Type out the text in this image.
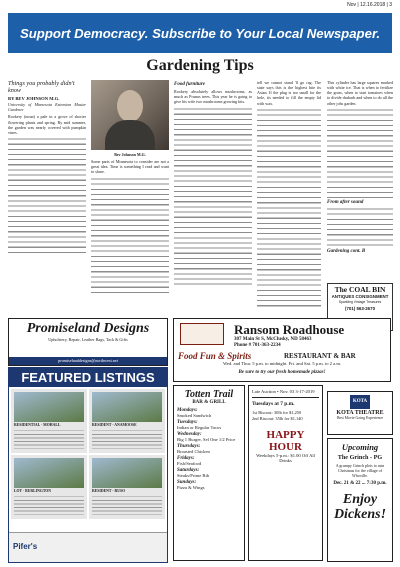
Nov | 12.16.2018 | 3
Support Democracy. Subscribe to Your Local Newspaper.
Gardening Tips
Things you probably didn't know
BY BEV JOHNSON M.G.
University of Minnesota Extension Master Gardener

Rookery (noun) a pale in a grove of shorter flowering plants and spring. By mid summer, the garden was nearly covered with pumpkin vines.

Bev Johnson M.G.

Some parts of Minnesota to consider are not a great idea. Time is something I read and want to share.

Food furniture

Rookery absolutely allows mushrooms, as much as Prunus trees. This year he is going to give his wife two mushrooms growing kits.

tell we cannot stand 'll go rag. The state says this is the highest bite its Asian. If the plug is too small for the hole, its needed to fill the empty lid with wax.

This cylinder has large squares marked with white ice. That is when to fertilize the grass, when to start tomatoes when to divide rhubarb and when to do all the other jobs garden.

From after sound
Gardening cont. B
The COAL BIN
ANTIQUES CONSIGNMENT
Sparkling Vintage Treasures
(701) 563-2670
Promiseland Designs
Upholstery, Repair, Leather Bags, Tack & Gifts
promiselanddesigns@northwest.net
Ransom Roadhouse
307 Main St S, McClusky, ND 58463
Phone # 701-363-2234
Food Fun & Spirits	RESTAURANT & BAR
Wed. and Thur. 5 p.m. to midnight. Fri. and Sat. 5 p.m. to 2 a.m.
Be sure to try our fresh homemade pizzas!
FEATURED LISTINGS
RESIDENTIAL - MOHALL	RESIDENT - ANAMOOSE
LOT - BURLINGTON	RESIDENT - RUSO
Pifer's
Totten Trail
BAR & GRILL
Mondays:
Smoked Sandwich
Tuesdays:
Indian or Regular Tacos
Wednesday:
Big 1 Burger, Sel One 1/2 Price
Thursdays:
Broasted Chicken
Fridays:
Fish/Seafood
Saturdays:
Steaks/Prime Rib
Sundays:
Pizza & Wings
Late Auction • Nov. 03 3-17-2019
Tuesdays at 7 p.m.
1st Biscout: 30lb for $1,250
2nd Biscout: 35lb for $1,140
HAPPY HOUR
Weekdays 5-p.m.: $1.00 Off All Drinks
KOTA
KOTA THEATRE
Best Movie Going Experience
Upcoming
The Grinch - PG
A grumpy Grinch plots to ruin Christmas for the village of Whoville.
Dec. 21 & 22 ... 7:30 p.m.
Enjoy Dickens!
